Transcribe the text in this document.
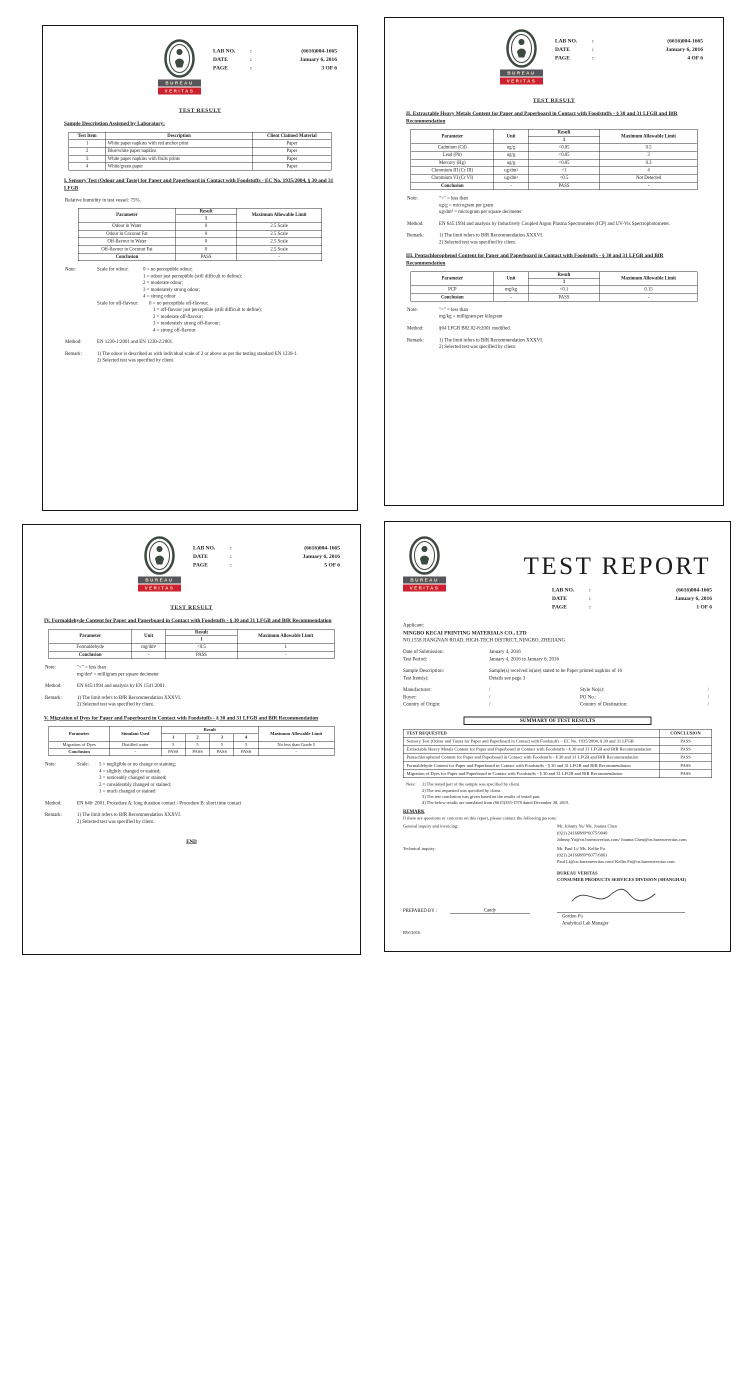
BUREAU
VERITAS
LAB NO.	:	(6616)004-1665
DATE	:	January 6, 2016
PAGE	:	3 OF 6
TEST RESULT
Sample Description Assigned by Laboratory:
Test Item	Description	Client Claimed Material
1	White paper napkins with red anchor print	Paper
2	Blue/white paper napkins	Paper
3	White paper napkins with fruits prints	Paper
4	White/green paper	Paper
I. Sensory Test (Odour and Taste) for Paper and Paperboard in Contact with Foodstuffs - EC No. 1935/2004, § 30 and 31 LFGB
Relative humidity in test vessel: 75%.
Parameter	Result	Maximum Allowable Limit
	1	
Odour in Water	0	2.5 Scale
Odour in Coconut Fat	0	2.5 Scale
Off-flavour in Water	0	2.5 Scale
Off-flavour in Coconut Fat	0	2.5 Scale
Conclusion	PASS	-
Note:	Scale for odour: 0 = no perceptible odour;
1 = odour just perceptible (still difficult to define);
2 = moderate odour;
3 = moderately strong odour;
4 = strong odour
Scale for off-flavour: 0 = no perceptible off-flavour;
1 = off-flavour just perceptible (still difficult to define);
2 = moderate off-flavour;
3 = moderately strong off-flavour;
4 = strong off-flavour
Method:	EN 1230-1:2001 and EN 1230-2:2001.
Remark:	1) The odour is described as with individual scale of 2 or above as per the testing standard EN 1230-1.
2) Selected test was specified by client.
BUREAU
VERITAS
LAB NO.	:	(6616)004-1665
DATE	:	January 6, 2016
PAGE	:	4 OF 6
TEST RESULT
II. Extractable Heavy Metals Content for Paper and Paperboard in Contact with Foodstuffs - § 30 and 31 LFGB and BfR Recommendation
Parameter	Unit	Result	Maximum Allowable Limit
		1	
Cadmium (Cd)	ug/g	<0.05	0.5
Lead (Pb)	ug/g	<0.05	3
Mercury (Hg)	ug/g	<0.05	0.3
Chromium III (Cr III)	ug/dm²	<1	4
Chromium VI (Cr VI)	ug/dm²	<0.5	Not Detected
Conclusion	-	PASS	-
Note:	"<" = less than
ug/g = microgram per gram
ug/dm² = microgram per square decimeter
Method:	EN 645:1994 and analysis by Inductively Coupled Argon Plasma Spectrometer (ICP) and UV-Vis Spectrophotometer.
Remark:	1) The limit refers to BfR Recommendation XXXVI.
2) Selected test was specified by client.
III. Pentachlorophenol Content for Paper and Paperboard in Contact with Foodstuffs - § 30 and 31 LFGB and BfR Recommendation
Parameter	Unit	Result	Maximum Allowable Limit
		1	
PCP	mg/kg	<0.1	0.15
Conclusion	-	PASS	-
Note:	"<" = less than
mg/kg = milligram per kilogram
Method:	§64 LFGB B82.02-8:2001 modified.
Remark:	1) The limit refers to BfR Recommendation XXXVI.
2) Selected test was specified by client.
BUREAU
VERITAS
LAB NO.	:	(6616)004-1665
DATE	:	January 6, 2016
PAGE	:	5 OF 6
TEST RESULT
IV. Formaldehyde Content for Paper and Paperboard in Contact with Foodstuffs - § 30 and 31 LFGB and BfR Recommendation
Parameter	Unit	Result	Maximum Allowable Limit
		1	
Formaldehyde	mg/dm²	<0.5	1
Conclusion	-	PASS	-
Note:	"<" = less than
mg/dm² = milligram per square decimeter
Method:	EN 645:1994 and analysis by EN 1541:2001.
Remark:	1) The limit refers to BfR Recommendation XXXVI.
2) Selected test was specified by client.
V. Migration of Dyes for Paper and Paperboard in Contact with Foodstuffs - § 30 and 31 LFGB and BfR Recommendation
Parameter	Simulant Used	Result				Maximum Allowable Limit
		1	2	3	4	
Migration of Dyes	Distilled water	5	5	5	5	No less than Grade 5
Conclusion	-	PASS	PASS	PASS	PASS	-
Note:	Scale: 5 = negligible or no change or staining;
4 = slightly changed or stained;
3 = noticeably changed or stained;
2 = considerably changed or stained;
1 = much changed or stained
Method:	EN 646: 2001, Procedure A: long duration contact / Procedure B: short time contact
Remark:	1) The limit refers to BfR Recommendation XXXVI.
2) Selected test was specified by client.
END
BUREAU
VERITAS
TEST REPORT
LAB NO.	:	(6616)004-1665
DATE	:	January 6, 2016
PAGE	:	1 OF 6
Applicant:
NINGBO KECAI PRINTING MATERIALS CO., LTD
NO.1558 JIANGNAN ROAD, HIGH-TECH DISTRICT, NINGBO, ZHEJIANG
Date of Submission:	January 4, 2016
Test Period:	January 4, 2016 to January 6, 2016
Sample Description:	Sample(s) received is(are) stated to be Paper printed napkins of 16
Test Item(s):	Details see page 3
Manufacturer:	/	Style No(s):	/
Buyer:	/	PO No.:	/
Country of Origin:	/	Country of Destination:	/
SUMMARY OF TEST RESULTS
TEST REQUESTED	CONCLUSION
Sensory Test (Odour and Taste) for Paper and Paperboard in Contact with Foodstuffs – EC No. 1935/2004, § 30 and 31 LFGB	PASS
Extractable Heavy Metals Content for Paper and Paperboard in Contact with Foodstuffs - § 30 and 31 LFGB and BfR Recommendation	PASS
Pentachlorophenol Content for Paper and Paperboard in Contact with Foodstuffs - § 30 and 31 LFGB and BfR Recommendation	PASS
Formaldehyde Content for Paper and Paperboard in Contact with Foodstuffs - § 30 and 31 LFGB and BfR Recommendation	PASS
Migration of Dyes for Paper and Paperboard in Contact with Foodstuffs - § 30 and 31 LFGB and BfR Recommendation	PASS
Note: 1) The tested part of the sample was specified by client.
2) The test requested was specified by client.
3) The test conclusion was given based on the results of tested part.
4) The below results are translated from (6615)355-1579 dated December 28, 2015.
REMARK
If there are questions or concerns on this report, please contact the following persons:
General inquiry and invoicing:	Mr. Johnny Yu/ Ms. Joanna Chen
(021) 24166889*6075/9049
Johnny.Yu@cn.bureauveritas.com/ Joanna.Chen@cn.bureauveritas.com
Technical inquiry:	Mr. Paul Li/ Ms. Kellie Fu
(021) 24166889*6077/6861
Paul.Li@cn.bureauveritas.com/ Kellie.Fu@cn.bureauveritas.com
BUREAU VERITAS
CONSUMER PRODUCTS SERVICES DIVISION (SHANGHAI)
Gordon Fu
Analytical Lab Manager
PREPARED BY :	Candy
RW/2016
